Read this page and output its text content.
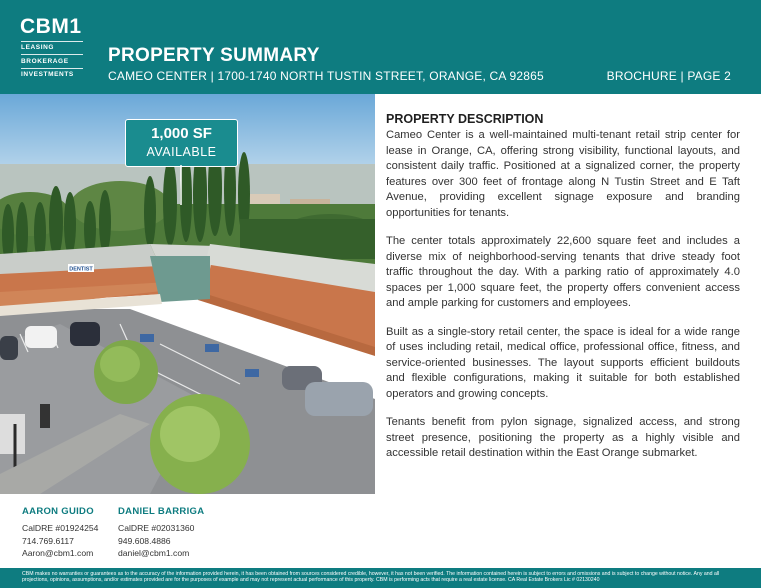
CBM1
LEASING
BROKERAGE
INVESTMENTS
PROPERTY SUMMARY
CAMEO CENTER | 1700-1740 NORTH TUSTIN STREET, ORANGE, CA 92865	BROCHURE | PAGE 2
DENTIST
1,000 SF
AVAILABLE
PROPERTY DESCRIPTION

Cameo Center is a well-maintained multi-tenant retail strip center for lease in Orange, CA, offering strong visibility, functional layouts, and consistent daily traffic. Positioned at a signalized corner, the property features over 300 feet of frontage along N Tustin Street and E Taft Avenue, providing excellent signage exposure and branding opportunities for tenants.

The center totals approximately 22,600 square feet and includes a diverse mix of neighborhood-serving tenants that drive steady foot traffic throughout the day. With a parking ratio of approximately 4.0 spaces per 1,000 square feet, the property offers convenient access and ample parking for customers and employees.

Built as a single-story retail center, the space is ideal for a wide range of uses including retail, medical office, professional office, fitness, and service-oriented businesses. The layout supports efficient buildouts and flexible configurations, making it suitable for both established operators and growing concepts.

Tenants benefit from pylon signage, signalized access, and strong street presence, positioning the property as a highly visible and accessible retail destination within the East Orange submarket.

AARON GUIDO
CalDRE #01924254
714.769.6117
Aaron@cbm1.com
DANIEL BARRIGA
CalDRE #02031360
949.608.4886
daniel@cbm1.com
CBM makes no warranties or guarantees as to the accuracy of the information provided herein, it has been obtained from sources considered credible, however, it has not been verified. The information contained herein is subject to errors and omissions and is subject to change without notice. Any and all projections, opinions, assumptions, and/or estimates provided are for the purposes of example and may not represent actual performance of this property. CBM is performing acts that require a real estate license. CA Real Estate Brokers Lic # 02130240
